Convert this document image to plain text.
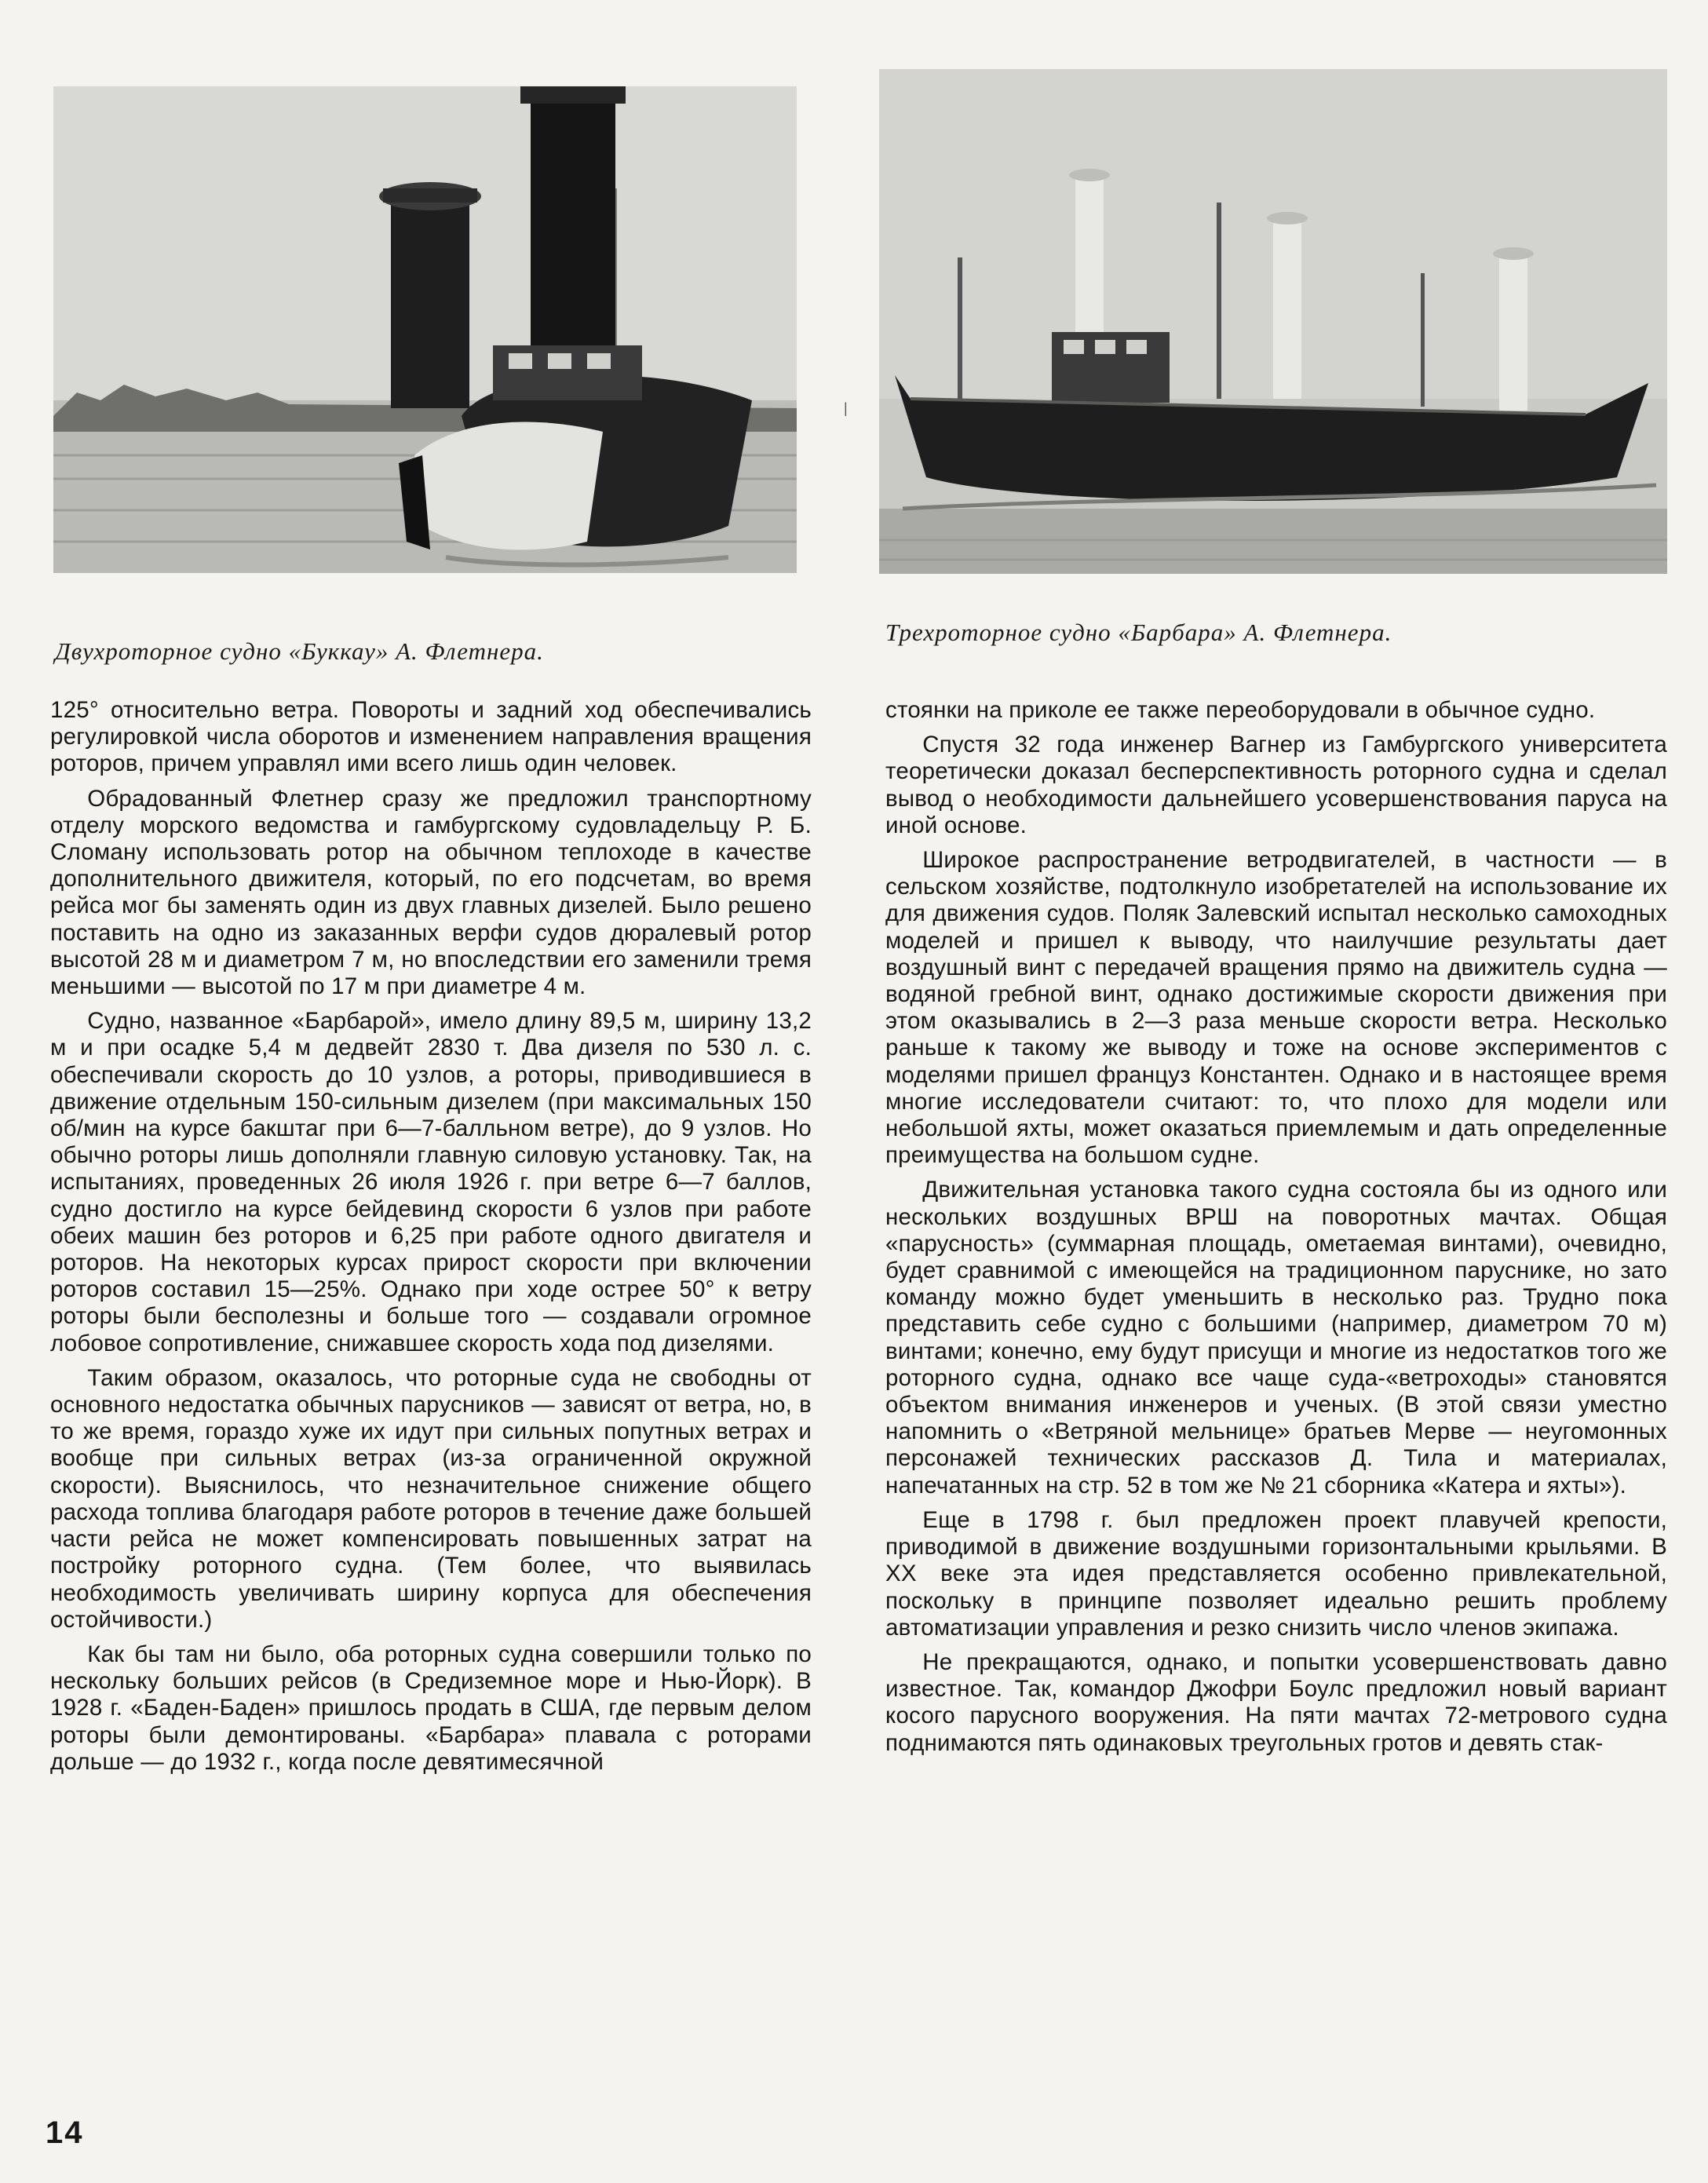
Двухроторное судно «Буккау» А. Флетнера.

Трехроторное судно «Барбара» А. Флетнера.

|

125° относительно ветра. Повороты и задний ход обеспечивались регулировкой числа оборотов и изменением направления вращения роторов, причем управлял ими всего лишь один человек.

Обрадованный Флетнер сразу же предложил транспортному отделу морского ведомства и гамбургскому судовладельцу Р. Б. Сломану использовать ротор на обычном теплоходе в качестве дополнительного движителя, который, по его подсчетам, во время рейса мог бы заменять один из двух главных дизелей. Было решено поставить на одно из заказанных верфи судов дюралевый ротор высотой 28 м и диаметром 7 м, но впоследствии его заменили тремя меньшими — высотой по 17 м при диаметре 4 м.

Судно, названное «Барбарой», имело длину 89,5 м, ширину 13,2 м и при осадке 5,4 м дедвейт 2830 т. Два дизеля по 530 л. с. обеспечивали скорость до 10 узлов, а роторы, приводившиеся в движение отдельным 150-сильным дизелем (при максимальных 150 об/мин на курсе бакштаг при 6—7-балльном ветре), до 9 узлов. Но обычно роторы лишь дополняли главную силовую установку. Так, на испытаниях, проведенных 26 июля 1926 г. при ветре 6—7 баллов, судно достигло на курсе бейдевинд скорости 6 узлов при работе обеих машин без роторов и 6,25 при работе одного двигателя и роторов. На некоторых курсах прирост скорости при включении роторов составил 15—25%. Однако при ходе острее 50° к ветру роторы были бесполезны и больше того — создавали огромное лобовое сопротивление, снижавшее скорость хода под дизелями.

Таким образом, оказалось, что роторные суда не свободны от основного недостатка обычных парусников — зависят от ветра, но, в то же время, гораздо хуже их идут при сильных попутных ветрах и вообще при сильных ветрах (из-за ограниченной окружной скорости). Выяснилось, что незначительное снижение общего расхода топлива благодаря работе роторов в течение даже большей части рейса не может компенсировать повышенных затрат на постройку роторного судна. (Тем более, что выявилась необходимость увеличивать ширину корпуса для обеспечения остойчивости.)

Как бы там ни было, оба роторных судна совершили только по нескольку больших рейсов (в Средиземное море и Нью-Йорк). В 1928 г. «Баден-Баден» пришлось продать в США, где первым делом роторы были демонтированы. «Барбара» плавала с роторами дольше — до 1932 г., когда после девятимесячной

стоянки на приколе ее также переоборудовали в обычное судно.

Спустя 32 года инженер Вагнер из Гамбургского университета теоретически доказал бесперспективность роторного судна и сделал вывод о необходимости дальнейшего усовершенствования паруса на иной основе.

Широкое распространение ветродвигателей, в частности — в сельском хозяйстве, подтолкнуло изобретателей на использование их для движения судов. Поляк Залевский испытал несколько самоходных моделей и пришел к выводу, что наилучшие результаты дает воздушный винт с передачей вращения прямо на движитель судна — водяной гребной винт, однако достижимые скорости движения при этом оказывались в 2—3 раза меньше скорости ветра. Несколько раньше к такому же выводу и тоже на основе экспериментов с моделями пришел француз Константен. Однако и в настоящее время многие исследователи считают: то, что плохо для модели или небольшой яхты, может оказаться приемлемым и дать определенные преимущества на большом судне.

Движительная установка такого судна состояла бы из одного или нескольких воздушных ВРШ на поворотных мачтах. Общая «парусность» (суммарная площадь, ометаемая винтами), очевидно, будет сравнимой с имеющейся на традиционном паруснике, но зато команду можно будет уменьшить в несколько раз. Трудно пока представить себе судно с большими (например, диаметром 70 м) винтами; конечно, ему будут присущи и многие из недостатков того же роторного судна, однако все чаще суда-«ветроходы» становятся объектом внимания инженеров и ученых. (В этой связи уместно напомнить о «Ветряной мельнице» братьев Мерве — неугомонных персонажей технических рассказов Д. Тила и материалах, напечатанных на стр. 52 в том же № 21 сборника «Катера и яхты»).

Еще в 1798 г. был предложен проект плавучей крепости, приводимой в движение воздушными горизонтальными крыльями. В XX веке эта идея представляется особенно привлекательной, поскольку в принципе позволяет идеально решить проблему автоматизации управления и резко снизить число членов экипажа.

Не прекращаются, однако, и попытки усовершенствовать давно известное. Так, командор Джофри Боулс предложил новый вариант косого парусного вооружения. На пяти мачтах 72-метрового судна поднимаются пять одинаковых треугольных гротов и девять стак-

14
